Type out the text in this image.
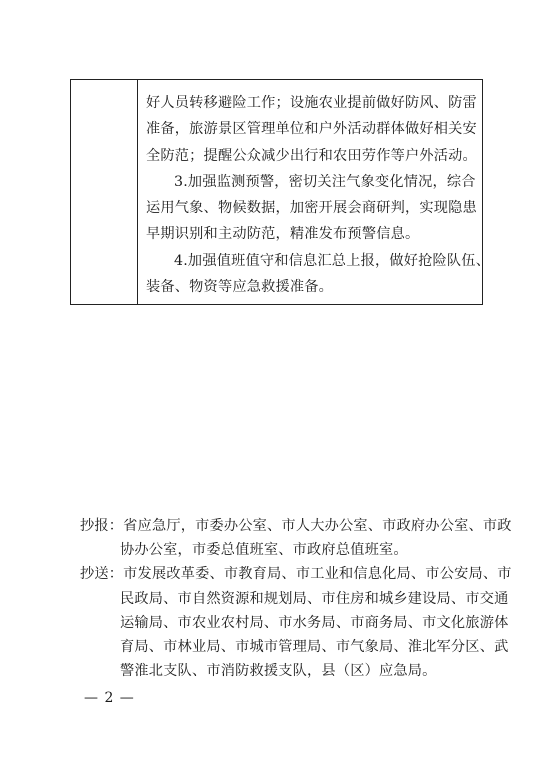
好人员转移避险工作；设施农业提前做好防风、防雷
准备，旅游景区管理单位和户外活动群体做好相关安
全防范；提醒公众减少出行和农田劳作等户外活动。
3.加强监测预警，密切关注气象变化情况，综合
运用气象、物候数据，加密开展会商研判，实现隐患
早期识别和主动防范，精准发布预警信息。
4.加强值班值守和信息汇总上报，做好抢险队伍、
装备、物资等应急救援准备。
抄报：省应急厅，市委办公室、市人大办公室、市政府办公室、市政
协办公室，市委总值班室、市政府总值班室。
抄送：市发展改革委、市教育局、市工业和信息化局、市公安局、市
民政局、市自然资源和规划局、市住房和城乡建设局、市交通
运输局、市农业农村局、市水务局、市商务局、市文化旅游体
育局、市林业局、市城市管理局、市气象局、淮北军分区、武
警淮北支队、市消防救援支队，县（区）应急局。
— 2 —
